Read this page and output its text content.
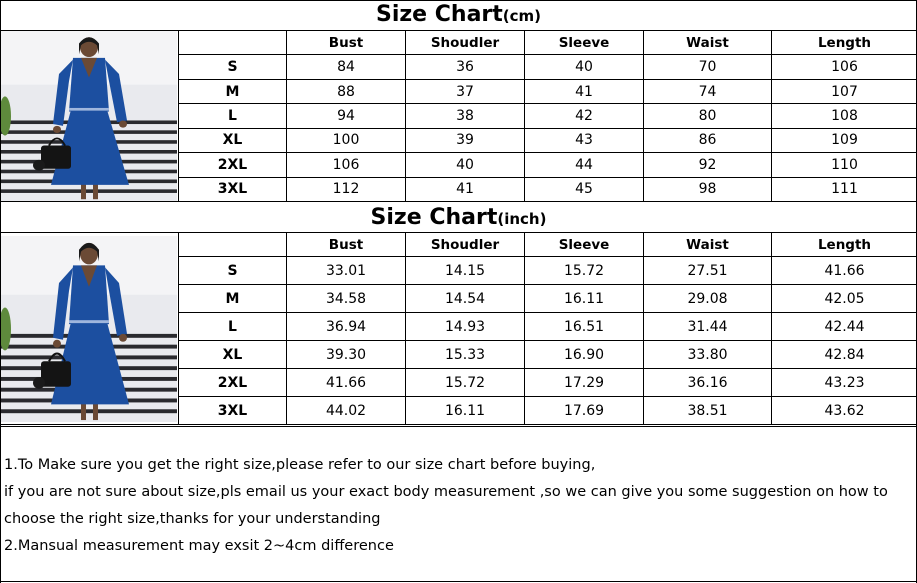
Size Chart(cm)
		Bust	Shoudler	Sleeve	Waist	Length
	S	84	36	40	70	106
	M	88	37	41	74	107
	L	94	38	42	80	108
	XL	100	39	43	86	109
	2XL	106	40	44	92	110
	3XL	112	41	45	98	111
Size Chart(inch)
		Bust	Shoudler	Sleeve	Waist	Length
	S	33.01	14.15	15.72	27.51	41.66
	M	34.58	14.54	16.11	29.08	42.05
	L	36.94	14.93	16.51	31.44	42.44
	XL	39.30	15.33	16.90	33.80	42.84
	2XL	41.66	15.72	17.29	36.16	43.23
	3XL	44.02	16.11	17.69	38.51	43.62
1.To Make sure you get the right size,please refer to our size chart before buying,
if you are not sure about size,pls email us your exact body measurement ,so we can give you some suggestion on how to
choose the right size,thanks for your understanding
2.Mansual measurement may exsit 2~4cm difference
